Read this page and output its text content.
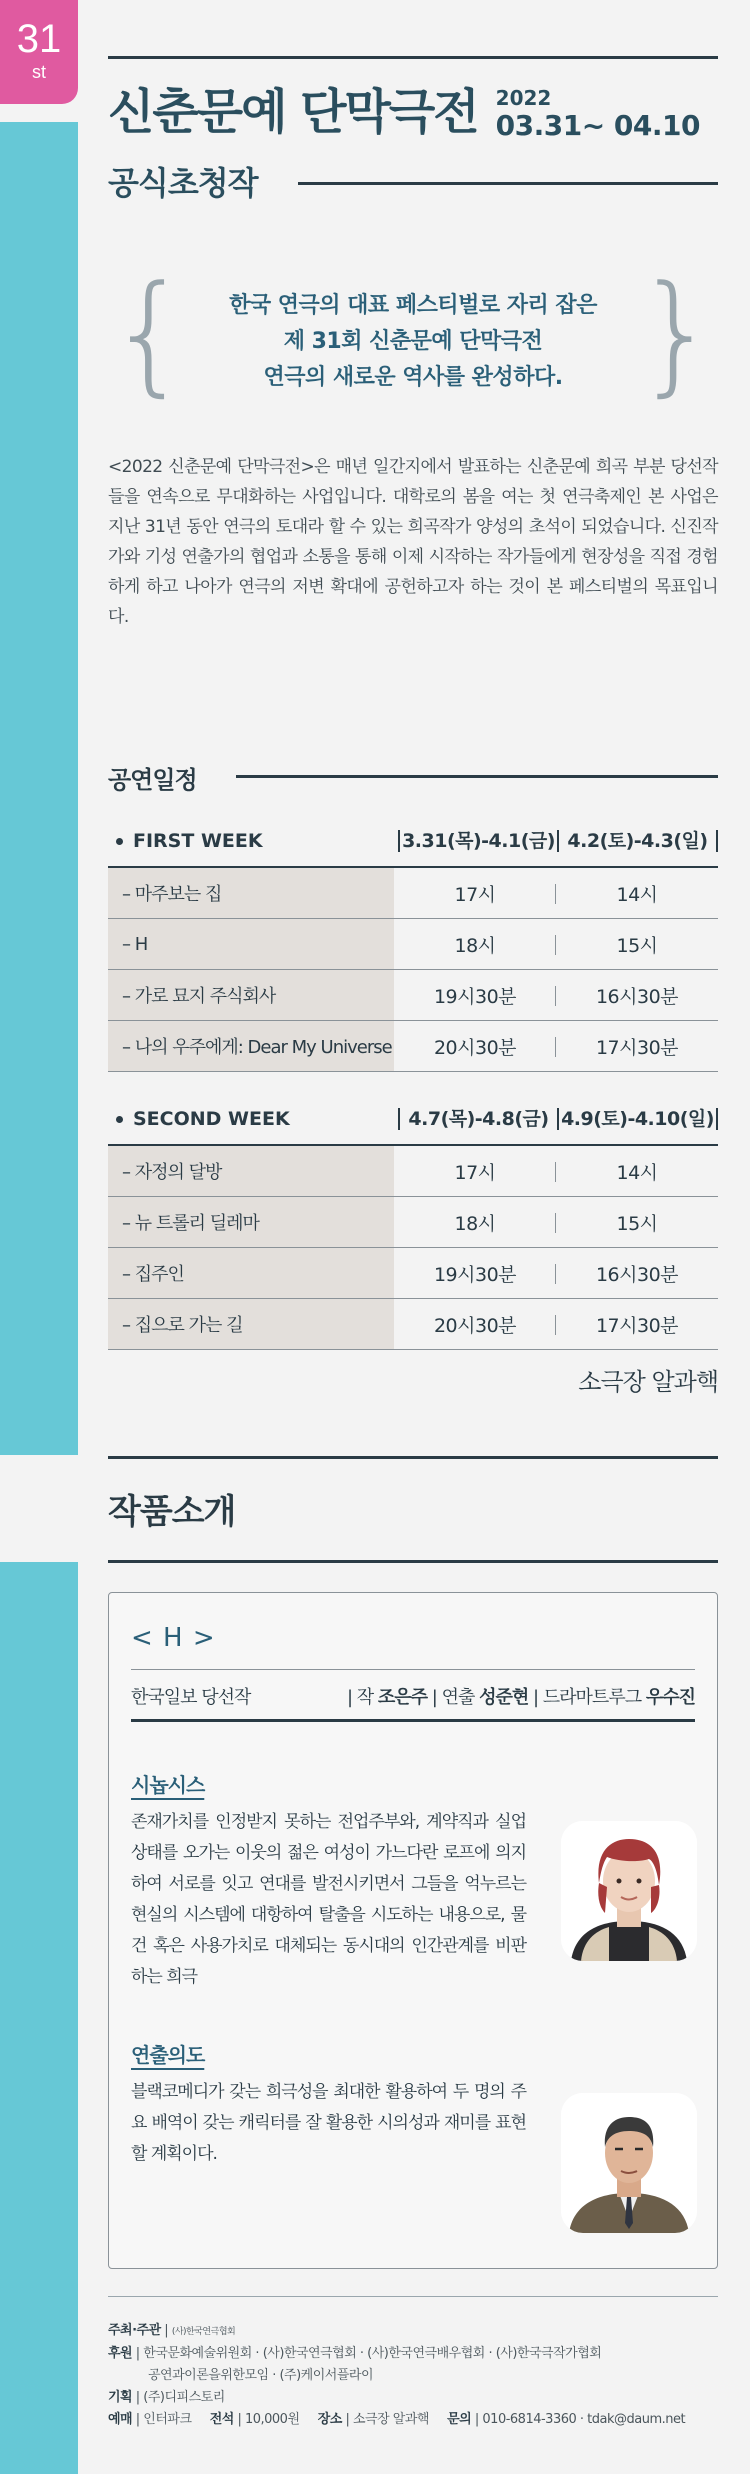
31
st
신춘문예 단막극전 2022
03.31~ 04.10
공식초청작
{	}
한국 연극의 대표 페스티벌로 자리 잡은
제 31회 신춘문예 단막극전
연극의 새로운 역사를 완성하다.
<2022 신춘문예 단막극전>은 매년 일간지에서 발표하는 신춘문예 희곡 부분 당선작들을 연속으로 무대화하는 사업입니다. 대학로의 봄을 여는 첫 연극축제인 본 사업은 지난 31년 동안 연극의 토대라 할 수 있는 희곡작가 양성의 초석이 되었습니다. 신진작가와 기성 연출가의 협업과 소통을 통해 이제 시작하는 작가들에게 현장성을 직접 경험하게 하고 나아가 연극의 저변 확대에 공헌하고자 하는 것이 본 페스티벌의 목표입니다.
공연일정
FIRST WEEK	3.31(목)-4.1(금) 4.2(토)-4.3(일)
– 마주보는 집	17시	14시
– H	18시	15시
– 가로 묘지 주식회사	19시30분	16시30분
– 나의 우주에게: Dear My Universe	20시30분	17시30분
SECOND WEEK	4.7(목)-4.8(금) 4.9(토)-4.10(일)
– 자정의 달방	17시	14시
– 뉴 트롤리 딜레마	18시	15시
– 집주인	19시30분	16시30분
– 집으로 가는 길	20시30분	17시30분
소극장 알과핵
작품소개
< H >
한국일보 당선작	| 작 조은주 | 연출 성준현 | 드라마트루그 우수진
시놉시스
존재가치를 인정받지 못하는 전업주부와, 계약직과 실업상태를 오가는 이웃의 젊은 여성이 가느다란 로프에 의지하여 서로를 잇고 연대를 발전시키면서 그들을 억누르는 현실의 시스템에 대항하여 탈출을 시도하는 내용으로, 물건 혹은 사용가치로 대체되는 동시대의 인간관계를 비판하는 희극
연출의도
블랙코메디가 갖는 희극성을 최대한 활용하여 두 명의 주요 배역이 갖는 캐릭터를 잘 활용한 시의성과 재미를 표현할 계획이다.
주최·주관 | (사)한국연극협회
후원 | 한국문화예술위원회 · (사)한국연극협회 · (사)한국연극배우협회 · (사)한국극작가협회
공연과이론을위한모임 · (주)케이서플라이
기획 | (주)디피스토리
예매 | 인터파크 전석 | 10,000원 장소 | 소극장 알과핵 문의 | 010-6814-3360 · tdak@daum.net
